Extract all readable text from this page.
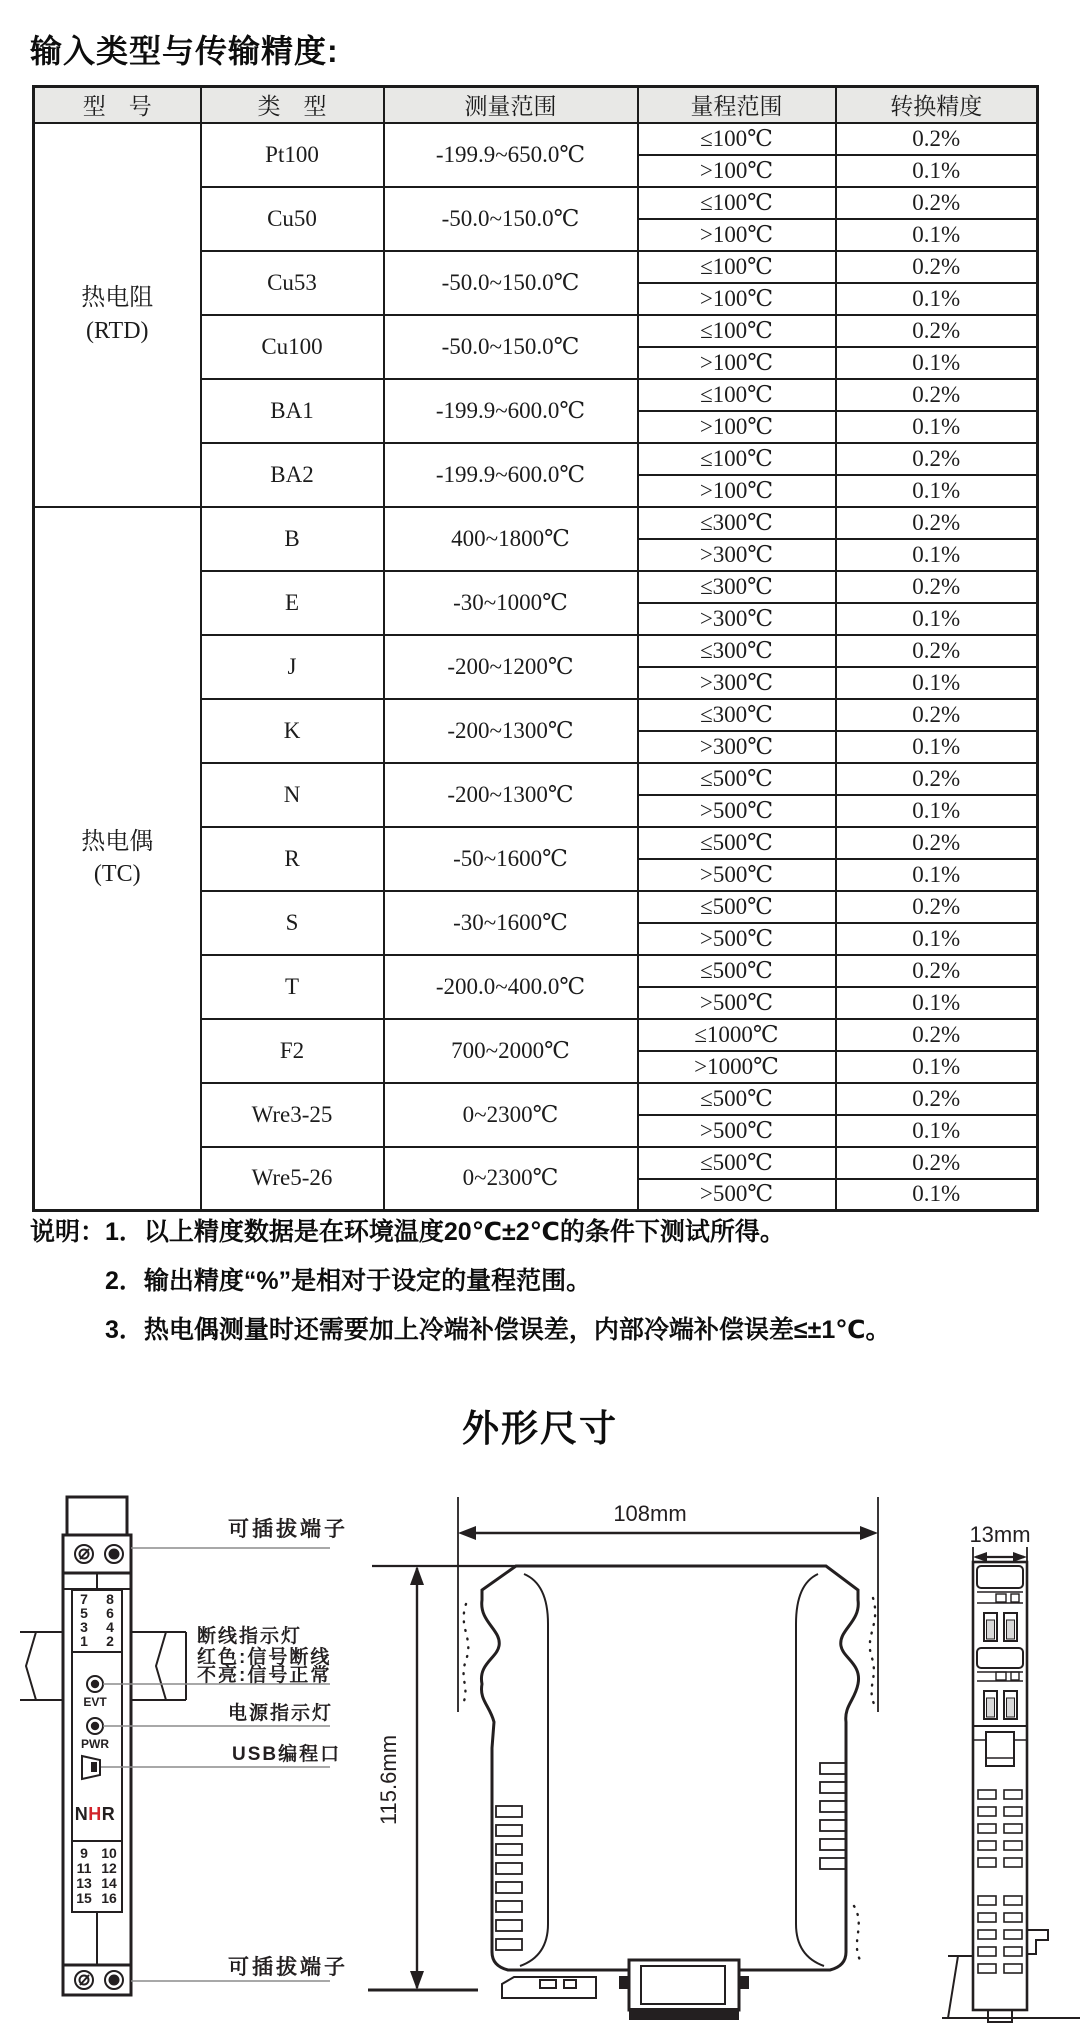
输入类型与传输精度:
型　号	类　型	测量范围	量程范围	转换精度

热电阻
(RTD)	Pt100	-199.9~650.0℃	≤100℃	0.2%
			>100℃	0.1%
	Cu50	-50.0~150.0℃	≤100℃	0.2%
			>100℃	0.1%
	Cu53	-50.0~150.0℃	≤100℃	0.2%
			>100℃	0.1%
	Cu100	-50.0~150.0℃	≤100℃	0.2%
			>100℃	0.1%
	BA1	-199.9~600.0℃	≤100℃	0.2%
			>100℃	0.1%
	BA2	-199.9~600.0℃	≤100℃	0.2%
			>100℃	0.1%

热电偶
(TC)	B	400~1800℃	≤300℃	0.2%
			>300℃	0.1%
	E	-30~1000℃	≤300℃	0.2%
			>300℃	0.1%
	J	-200~1200℃	≤300℃	0.2%
			>300℃	0.1%
	K	-200~1300℃	≤300℃	0.2%
			>300℃	0.1%
	N	-200~1300℃	≤500℃	0.2%
			>500℃	0.1%
	R	-50~1600℃	≤500℃	0.2%
			>500℃	0.1%
	S	-30~1600℃	≤500℃	0.2%
			>500℃	0.1%
	T	-200.0~400.0℃	≤500℃	0.2%
			>500℃	0.1%
	F2	700~2000℃	≤1000℃	0.2%
			>1000℃	0.1%
	Wre3-25	0~2300℃	≤500℃	0.2%
			>500℃	0.1%
	Wre5-26	0~2300℃	≤500℃	0.2%
			>500℃	0.1%
说明：1．以上精度数据是在环境温度20℃±2℃的条件下测试所得。
2．输出精度“%”是相对于设定的量程范围。
3．热电偶测量时还需要加上冷端补偿误差，内部冷端补偿误差≤±1℃。
外形尺寸
7 8
5 6
3 4
1 2
EVT
PWR
NHR
9 10
11 12
13 14
15 16
可插拔端子
断线指示灯
红色:信号断线
不亮:信号正常
电源指示灯
USB编程口
可插拔端子
108mm
115.6mm
13mm
